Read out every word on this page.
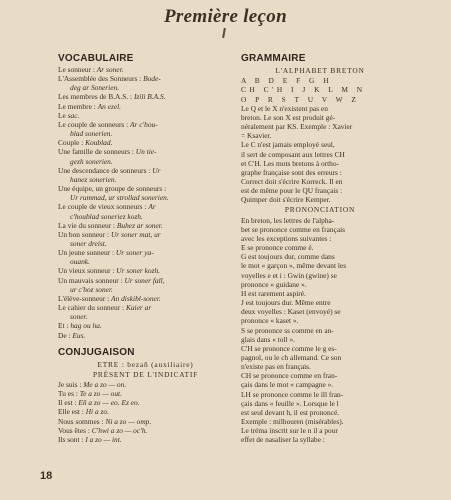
Première leçon
VOCABULAIRE
Le sonneur : Ar soner.
L'Assemblée des Sonneurs : Bode-
deg ar Sonerien.
Les membres de B.A.S. : Izili B.A.S.
Le membre : An ezel.
Le sac.
Le couple de sonneurs : Ar c'hou-
blad sonerien.
Couple : Koublad.
Une famille de sonneurs : Un tie-
gezh sonerien.
Une descendance de sonneurs : Ur
hanez sonerien.
Une équipe, un groupe de sonneurs :
Ur rummad, ur strollad sonerien.
Le couple de vieux sonneurs : Ar
c'houblad soneriez kozh.
La vie du sonneur : Buhez ar soner.
Un bon sonneur : Ur soner mat, ur
soner dreist.
Un jeune sonneur : Ur soner ya-
ouank.
Un vieux sonneur : Ur soner kozh.
Un mauvais sonneur : Ur soner fall,
ur c'hoz soner.
L'élève-sonneur : An diskibl-soner.
Le cahier du sonneur : Kaier ar
soner.
Et : hag ou ha.
De : Eus.
CONJUGAISON
ETRE : bezañ (auxiliaire)
PRÉSENT DE L'INDICATIF
Je suis : Me a zo — on.
Tu es : Te a zo — out.
Il est : Eñ a zo — eo. Ez eo.
Elle est : Hi a zo.
Nous sommes : Ni a zo — omp.
Vous êtes : C'hwi a zo — oc'h.
Ils sont : I a zo — int.
GRAMMAIRE
L'ALPHABET BRETON
A B D E F G H
CH C'H I J K L M N
O P R S T U V W Z
Le Q et le X n'existent pas en
breton. Le son X est produit gé-
néralement par KS. Exemple : Xavier
= Ksavier.
Le C n'est jamais employé seul,
il sert de composant aux lettres CH
et C'H. Les mots bretons à ortho-
graphe française sont des erreurs :
Correct doit s'écrire Korreck. Il en
est de même pour le QU français :
Quimper doit s'écrire Kemper.
PRONONCIATION
En breton, les lettres de l'alpha-
bet se prononce comme en français
avec les exceptions suivantes :
E se prononce comme é.
G est toujours dur, comme dans
le mot « garçon », même devant les
voyelles e et i : Gwin (gwine) se
prononce « guidane ».
H est rarement aspiré.
J est toujours dur. Même entre
deux voyelles : Kaset (envoyé) se
prononce « kaset ».
S se prononce ss comme en an-
glais dans « toll ».
C'H se prononce comme le g es-
pagnol, ou le ch allemand. Ce son
n'existe pas en français.
CH se prononce comme en fran-
çais dans le mot « campagne ».
LH se prononce comme le ill fran-
çais dans « feuille ». Lorsque le l
est seul devant h, il est prononcé.
Exemple : milhouren (misérables).
Le tréma inscrit sur le n il a pour
effet de nasaliser la syllabe :
18
